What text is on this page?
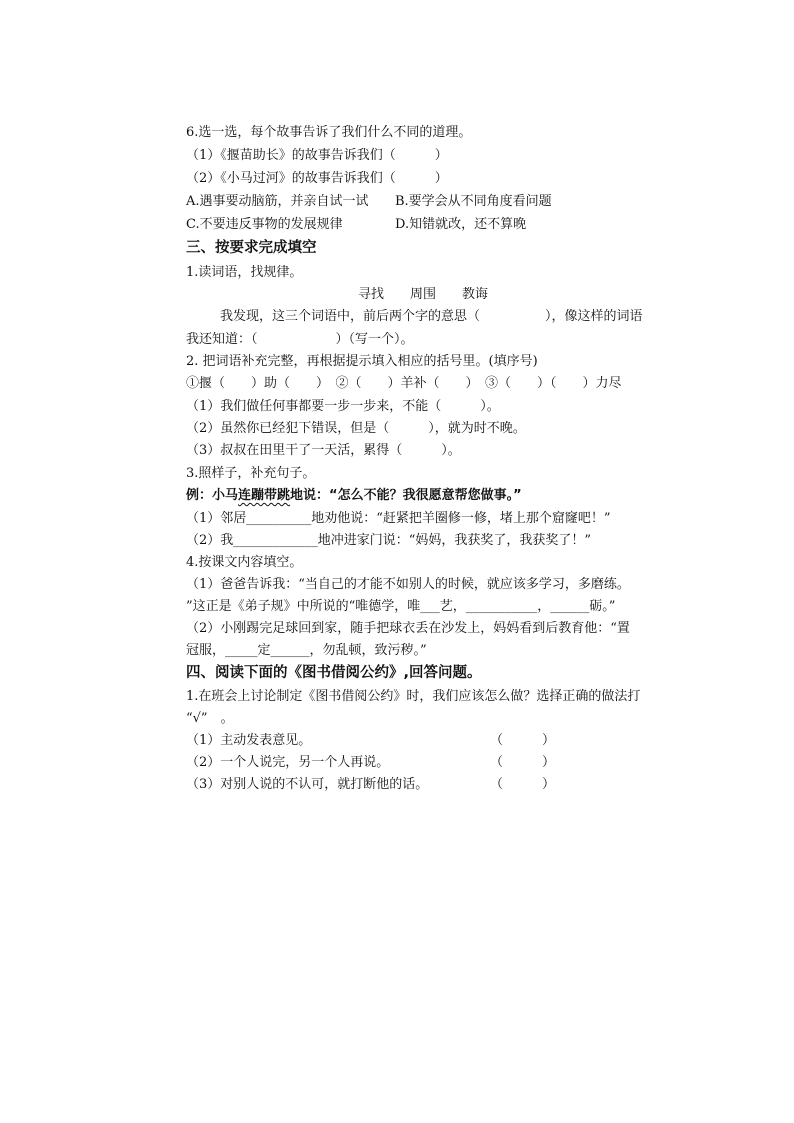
6.选一选，每个故事告诉了我们什么不同的道理。
（1）《揠苗助长》的故事告诉我们（　　　）
（2）《小马过河》的故事告诉我们（　　　）
A.遇事要动脑筋，并亲自试一试 B.要学会从不同角度看问题
C.不要违反事物的发展规律	D.知错就改，还不算晚
三、按要求完成填空
1.读词语，找规律。
寻找　　周围　　教诲
我发现，这三个词语中，前后两个字的意思（　　　　　），像这样的词语
我还知道：（　　　　　　）（写一个）。
2. 把词语补充完整，再根据提示填入相应的括号里。(填序号)
①揠（　　）助（　　）　②（　　）羊补（　　）　③（　　）（　　）力尽
（1）我们做任何事都要一步一步来，不能（　　　）。
（2）虽然你已经犯下错误，但是（　　　），就为时不晚。
（3）叔叔在田里干了一天活，累得（　　　）。
3.照样子，补充句子。
例：小马连蹦带跳地说：“怎么不能？我很愿意帮您做事。”
（1）邻居__________地劝他说：“赶紧把羊圈修一修，堵上那个窟窿吧！”
（2）我_____________地冲进家门说：“妈妈，我获奖了，我获奖了！”
4.按课文内容填空。
（1）爸爸告诉我：“当自己的才能不如别人的时候，就应该多学习，多磨练。
”这正是《弟子规》中所说的“唯德学，唯___艺，___________，______砺。”
（2）小刚踢完足球回到家，随手把球衣丢在沙发上，妈妈看到后教育他：“置
冠服，_____定______，勿乱顿，致污秽。”
四、阅读下面的《图书借阅公约》,回答问题。
1.在班会上讨论制定《图书借阅公约》时，我们应该怎么做？选择正确的做法打
“√”　。
（1）主动发表意见。	（　　　）
（2）一个人说完，另一个人再说。	（　　　）
（3）对别人说的不认可，就打断他的话。	（　　　）
